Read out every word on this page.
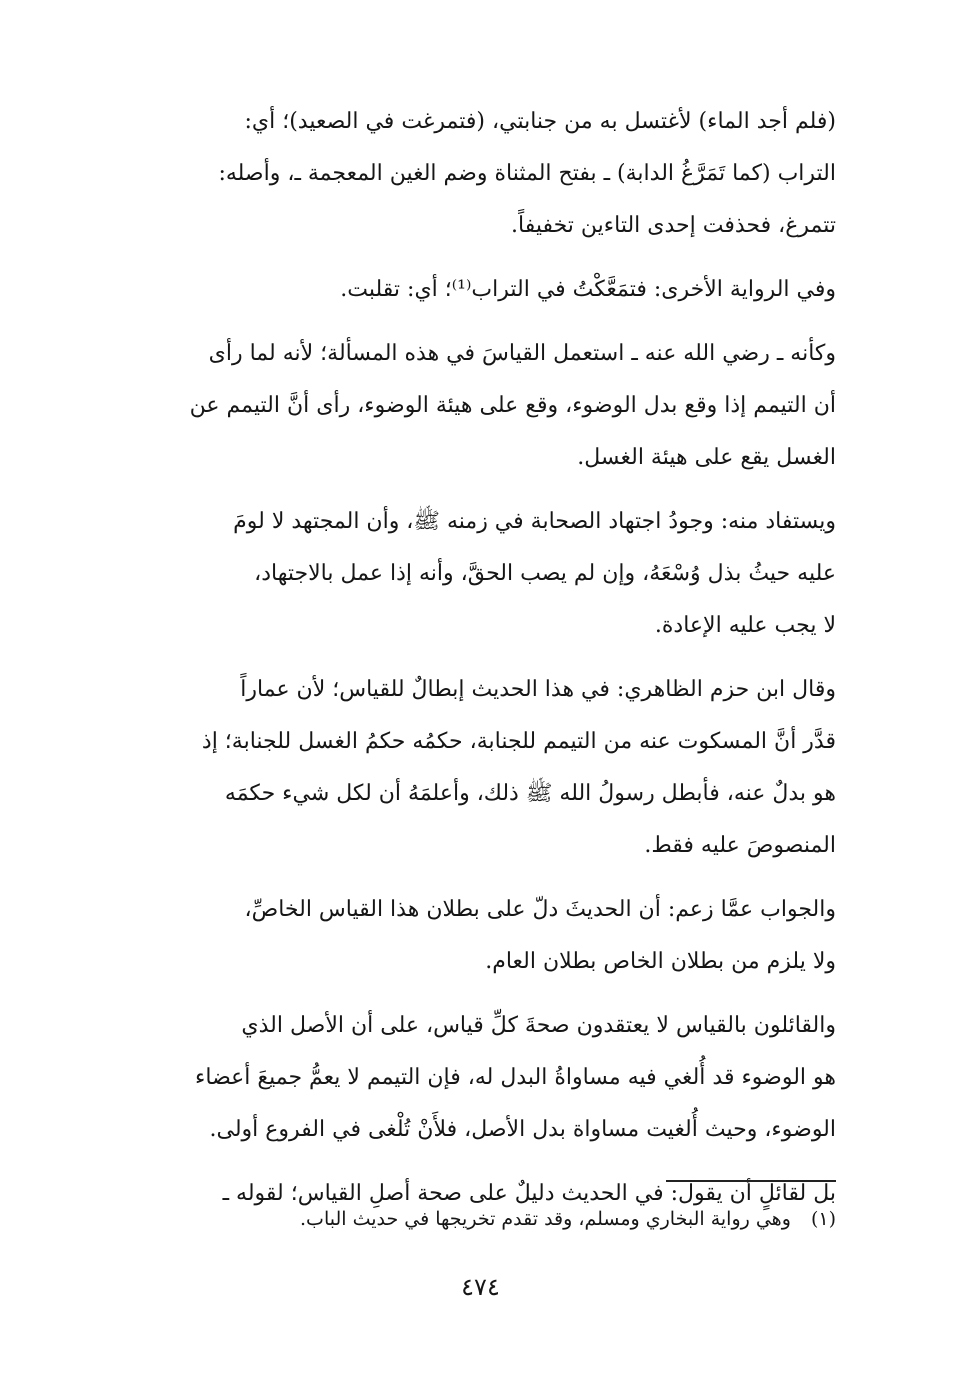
(فلم أجد الماء) لأغتسل به من جنابتي، (فتمرغت في الصعيد)؛ أي:
التراب (كما تَمَرَّغُ الدابة) ـ بفتح المثناة وضم الغين المعجمة ـ، وأصله:
تتمرغ، فحذفت إحدى التاءين تخفيفاً.

وفي الرواية الأخرى: فتمَعَّكْتُ في التراب⁽¹⁾؛ أي: تقلبت.

وكأنه ـ رضي الله عنه ـ استعمل القياسَ في هذه المسألة؛ لأنه لما رأى
أن التيمم إذا وقع بدل الوضوء، وقع على هيئة الوضوء، رأى أنَّ التيمم عن
الغسل يقع على هيئة الغسل.

ويستفاد منه: وجودُ اجتهاد الصحابة في زمنه ﷺ، وأن المجتهد لا لومَ
عليه حيثُ بذل وُسْعَهُ، وإن لم يصب الحقَّ، وأنه إذا عمل بالاجتهاد،
لا يجب عليه الإعادة.

وقال ابن حزم الظاهري: في هذا الحديث إبطالٌ للقياس؛ لأن عماراً
قدَّر أنَّ المسكوت عنه من التيمم للجنابة، حكمُه حكمُ الغسل للجنابة؛ إذ
هو بدلٌ عنه، فأبطل رسولُ الله ﷺ ذلك، وأعلمَهُ أن لكل شيء حكمَه
المنصوصَ عليه فقط.

والجواب عمَّا زعم: أن الحديثَ دلّ على بطلان هذا القياس الخاصِّ،
ولا يلزم من بطلان الخاص بطلان العام.

والقائلون بالقياس لا يعتقدون صحةَ كلِّ قياس، على أن الأصل الذي
هو الوضوء قد أُلغي فيه مساواةُ البدل له، فإن التيمم لا يعمُّ جميعَ أعضاء
الوضوء، وحيث أُلغيت مساواة بدل الأصل، فلأَنْ تُلْغى في الفروع أولى.

بل لقائلٍ أن يقول: في الحديث دليلٌ على صحة أصلِ القياس؛ لقوله ـ

(١) وهي رواية البخاري ومسلم، وقد تقدم تخريجها في حديث الباب.
٤٧٤
